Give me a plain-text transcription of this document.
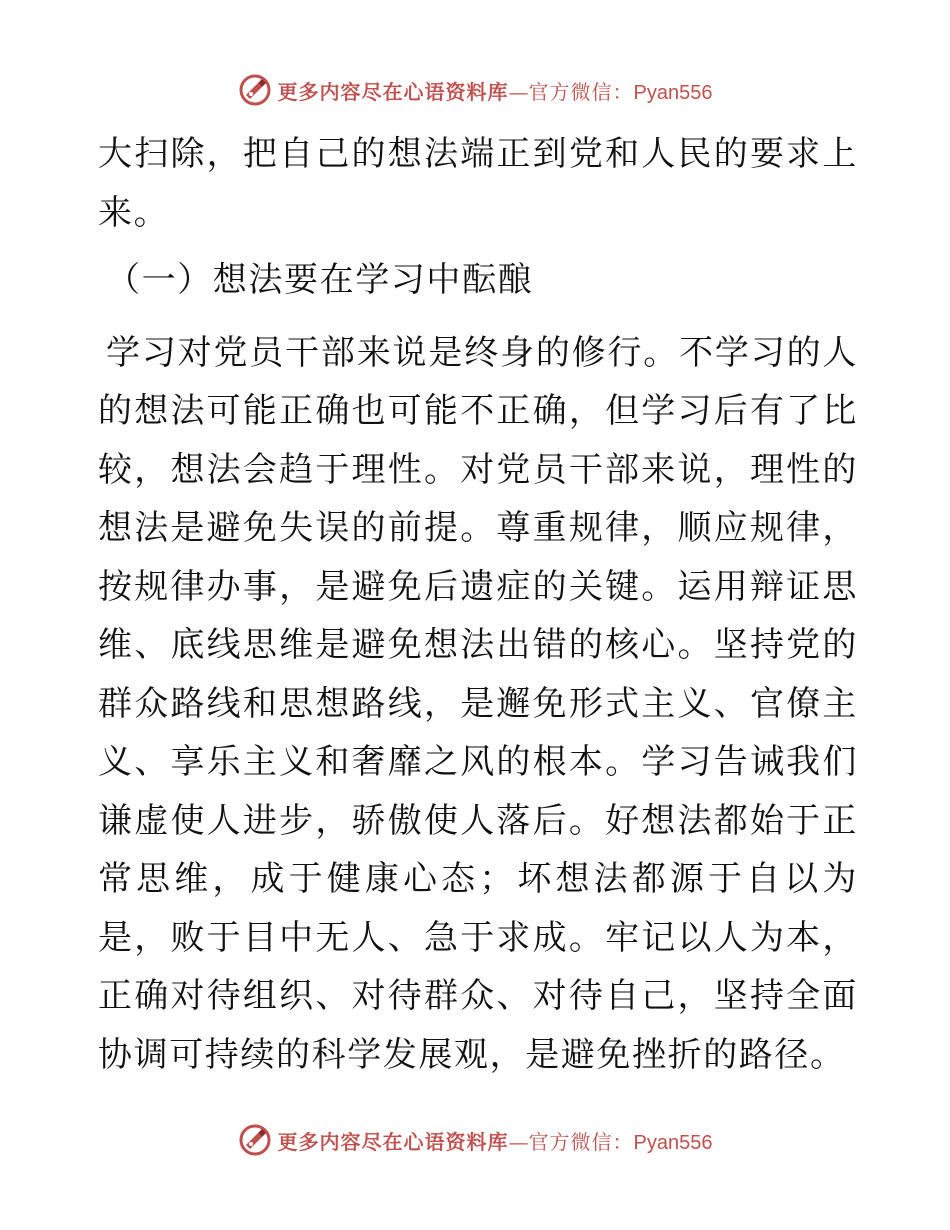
更多内容尽在心语资料库 — 官方微信： Pyan556

大扫除，把自己的想法端正到党和人民的要求上来。

（一）想法要在学习中酝酿

学习对党员干部来说是终身的修行。不学习的人的想法可能正确也可能不正确，但学习后有了比较，想法会趋于理性。对党员干部来说，理性的想法是避免失误的前提。尊重规律，顺应规律，按规律办事，是避免后遗症的关键。运用辩证思维、底线思维是避免想法出错的核心。坚持党的群众路线和思想路线，是邂免形式主义、官僚主义、享乐主义和奢靡之风的根本。学习告诫我们谦虚使人进步，骄傲使人落后。好想法都始于正常思维，成于健康心态；坏想法都源于自以为是，败于目中无人、急于求成。牢记以人为本，正确对待组织、对待群众、对待自己，坚持全面协调可持续的科学发展观，是避免挫折的路径。

更多内容尽在心语资料库 — 官方微信： Pyan556
